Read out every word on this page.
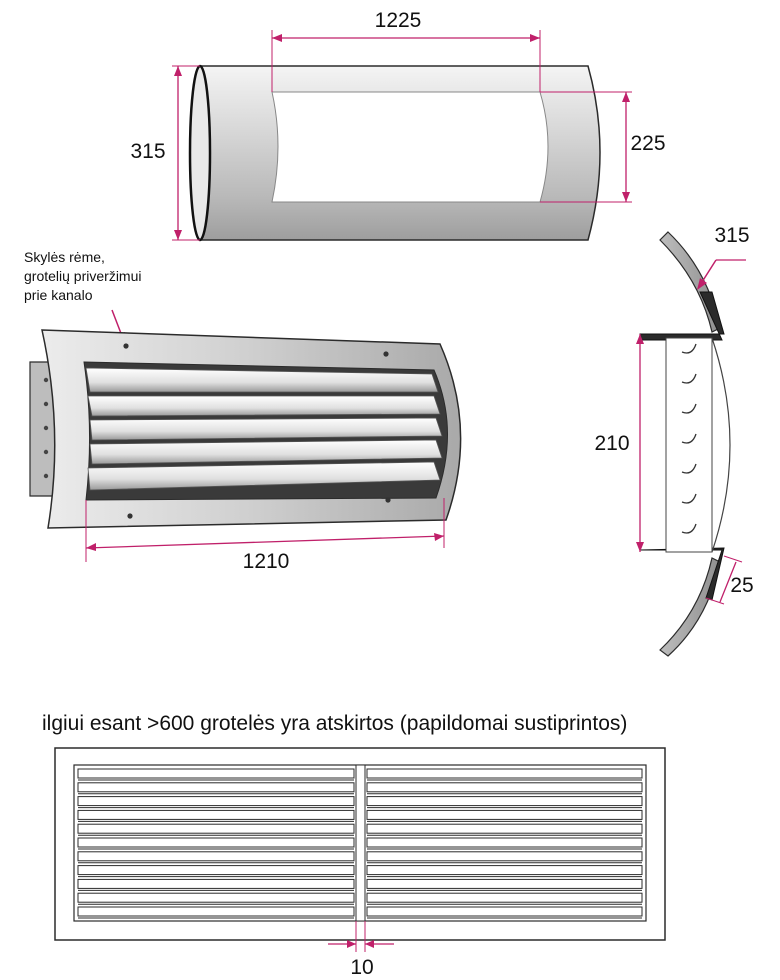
1225
315	225
Skylės rėme,
grotelių priveržimui
prie kanalo
1210
315
210
25
ilgiui esant >600 grotelės yra atskirtos (papildomai sustiprintos)
10
